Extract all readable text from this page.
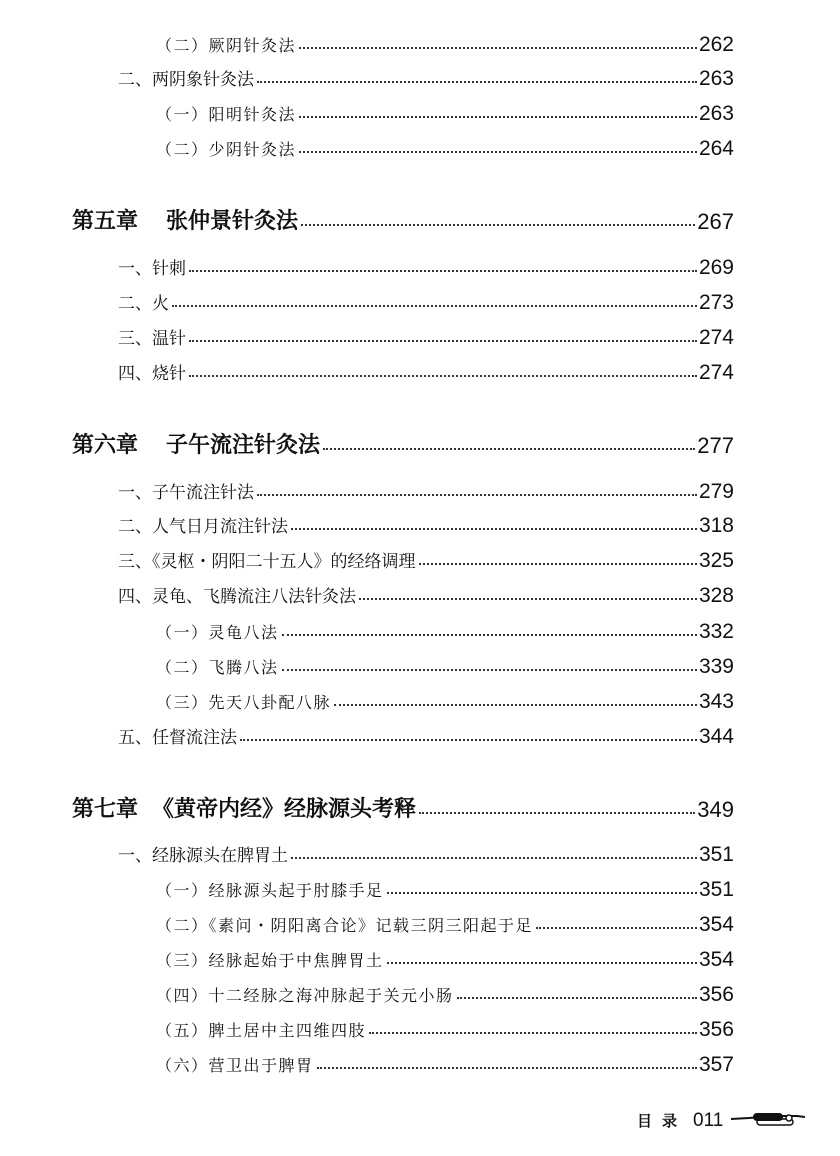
（二）厥阴针灸法	262
二、两阴象针灸法	263
（一）阳明针灸法	263
（二）少阴针灸法	264
第五章 张仲景针灸法	267
一、针刺	269
二、火	273
三、温针	274
四、烧针	274
第六章 子午流注针灸法	277
一、子午流注针法	279
二、人气日月流注针法	318
三、《灵枢・阴阳二十五人》的经络调理	325
四、灵龟、飞腾流注八法针灸法	328
（一）灵龟八法	332
（二）飞腾八法	339
（三）先天八卦配八脉	343
五、任督流注法	344
第七章 《黄帝内经》经脉源头考释	349
一、经脉源头在脾胃土	351
（一）经脉源头起于肘膝手足	351
（二）《素问・阴阳离合论》记载三阴三阳起于足	354
（三）经脉起始于中焦脾胃土	354
（四）十二经脉之海冲脉起于关元小肠	356
（五）脾土居中主四维四肢	356
（六）营卫出于脾胃	357
目录 011
